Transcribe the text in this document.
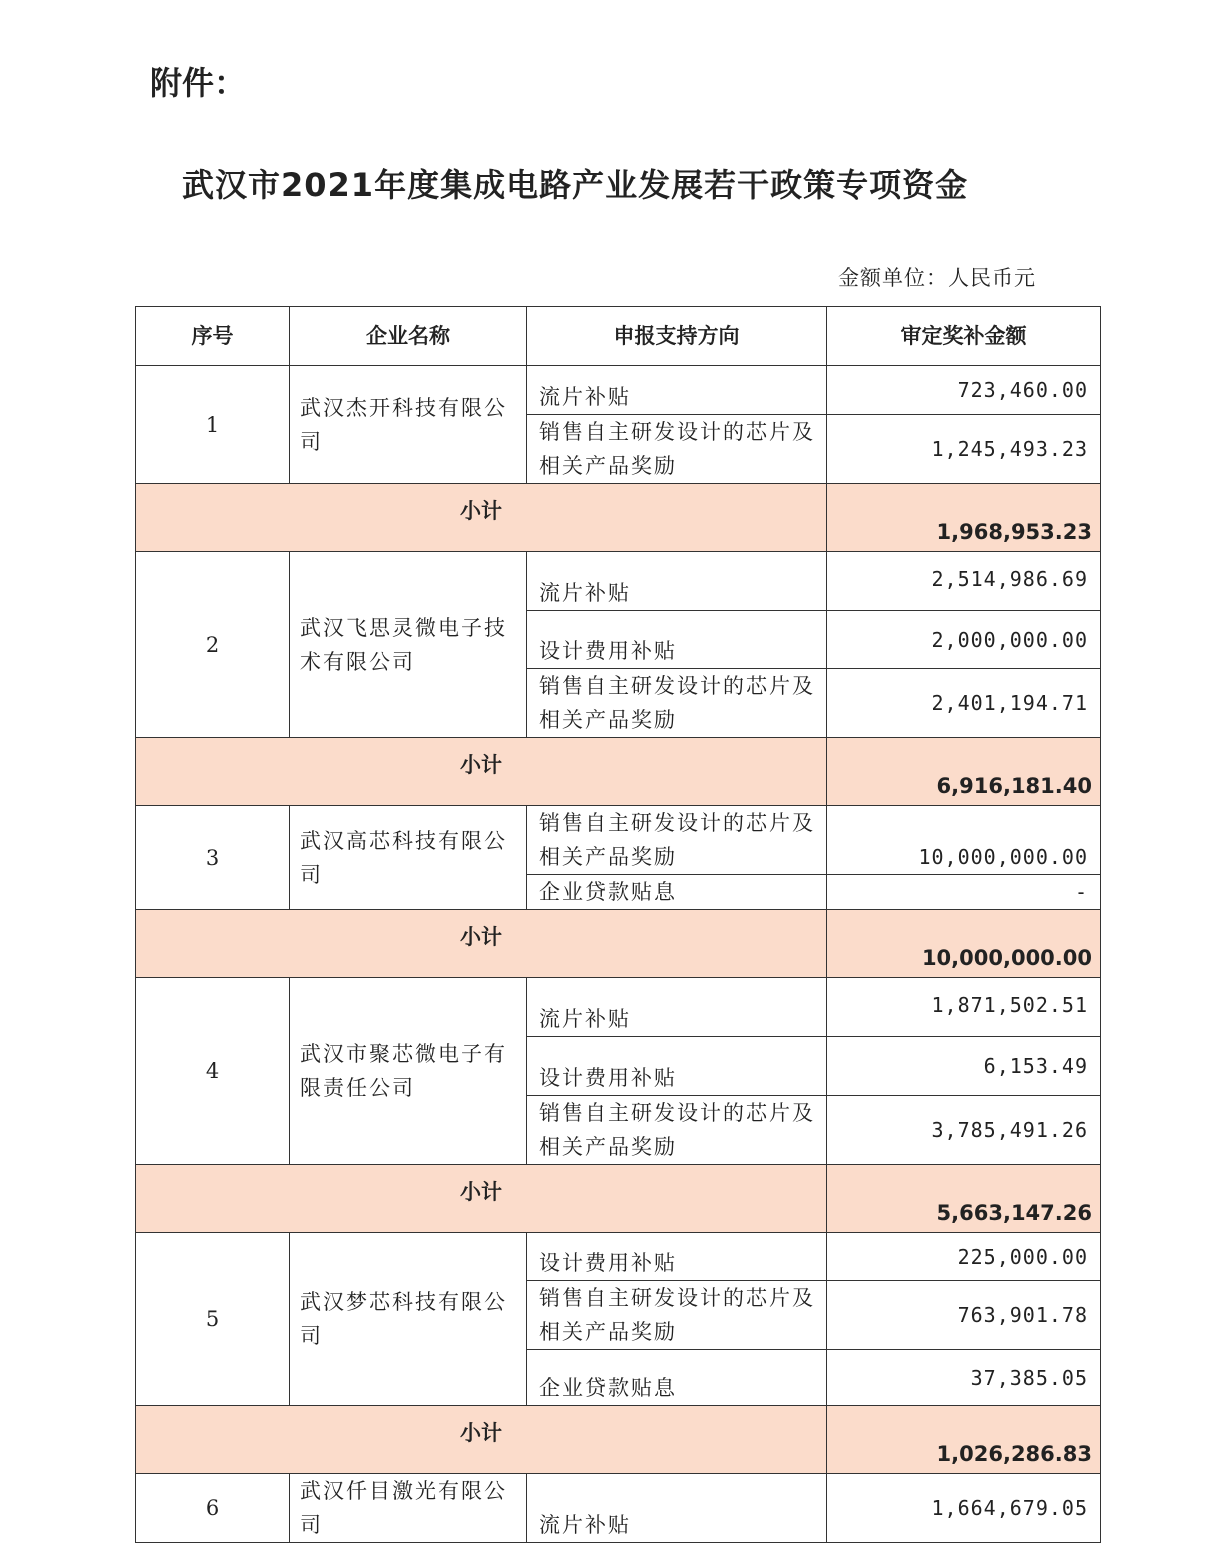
附件：
武汉市2021年度集成电路产业发展若干政策专项资金
金额单位：人民币元
序号	企业名称	申报支持方向	审定奖补金额
1	武汉杰开科技有限公司	流片补贴	723,460.00
		销售自主研发设计的芯片及相关产品奖励	1,245,493.23
小计			1,968,953.23
2	武汉飞思灵微电子技术有限公司	流片补贴	2,514,986.69
		设计费用补贴	2,000,000.00
		销售自主研发设计的芯片及相关产品奖励	2,401,194.71
小计			6,916,181.40
3	武汉高芯科技有限公司	销售自主研发设计的芯片及相关产品奖励	10,000,000.00
		企业贷款贴息	-
小计			10,000,000.00
4	武汉市聚芯微电子有限责任公司	流片补贴	1,871,502.51
		设计费用补贴	6,153.49
		销售自主研发设计的芯片及相关产品奖励	3,785,491.26
小计			5,663,147.26
5	武汉梦芯科技有限公司	设计费用补贴	225,000.00
		销售自主研发设计的芯片及相关产品奖励	763,901.78
		企业贷款贴息	37,385.05
小计			1,026,286.83
6	武汉仟目激光有限公司	流片补贴	1,664,679.05
